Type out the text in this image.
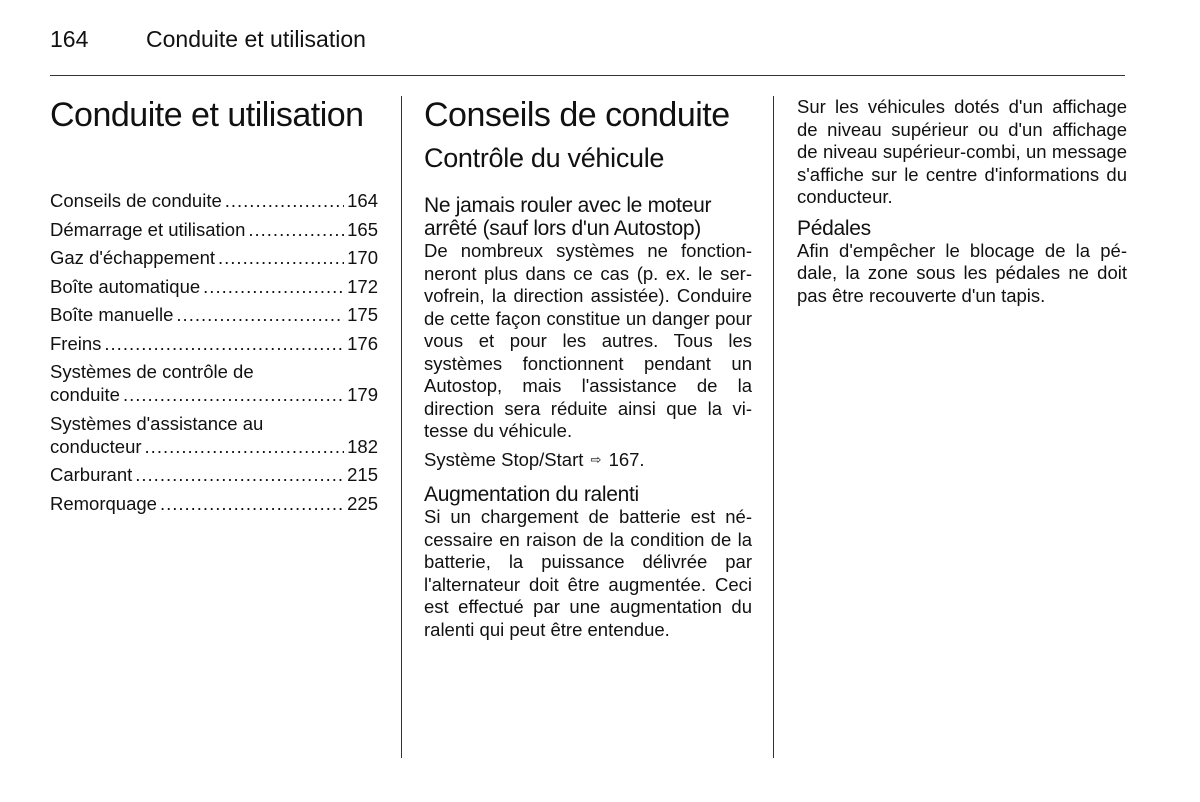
164	Conduite et utilisation
Conduite et utilisation
Conseils de conduite .....	164
Démarrage et utilisation .....	165
Gaz d'échappement .....	170
Boîte automatique .....	172
Boîte manuelle .....	175
Freins .....	176
Systèmes de contrôle de
conduite .....	179
Systèmes d'assistance au
conducteur .....	182
Carburant .....	215
Remorquage .....	225
Conseils de conduite
Contrôle du véhicule
Ne jamais rouler avec le moteur arrêté (sauf lors d'un Autostop)

De nombreux systèmes ne fonctionneront plus dans ce cas (p. ex. le servofrein, la direction assistée). Conduire de cette façon constitue un danger pour vous et pour les autres. Tous les systèmes fonctionnent pendant un Autostop, mais l'assistance de la direction sera réduite ainsi que la vitesse du véhicule.

Système Stop/Start ⇨ 167.

Augmentation du ralenti

Si un chargement de batterie est nécessaire en raison de la condition de la batterie, la puissance délivrée par l'alternateur doit être augmentée. Ceci est effectué par une augmentation du ralenti qui peut être entendue.

Sur les véhicules dotés d'un affichage de niveau supérieur ou d'un affichage de niveau supérieur-combi, un message s'affiche sur le centre d'informations du conducteur.

Pédales

Afin d'empêcher le blocage de la pédale, la zone sous les pédales ne doit pas être recouverte d'un tapis.
